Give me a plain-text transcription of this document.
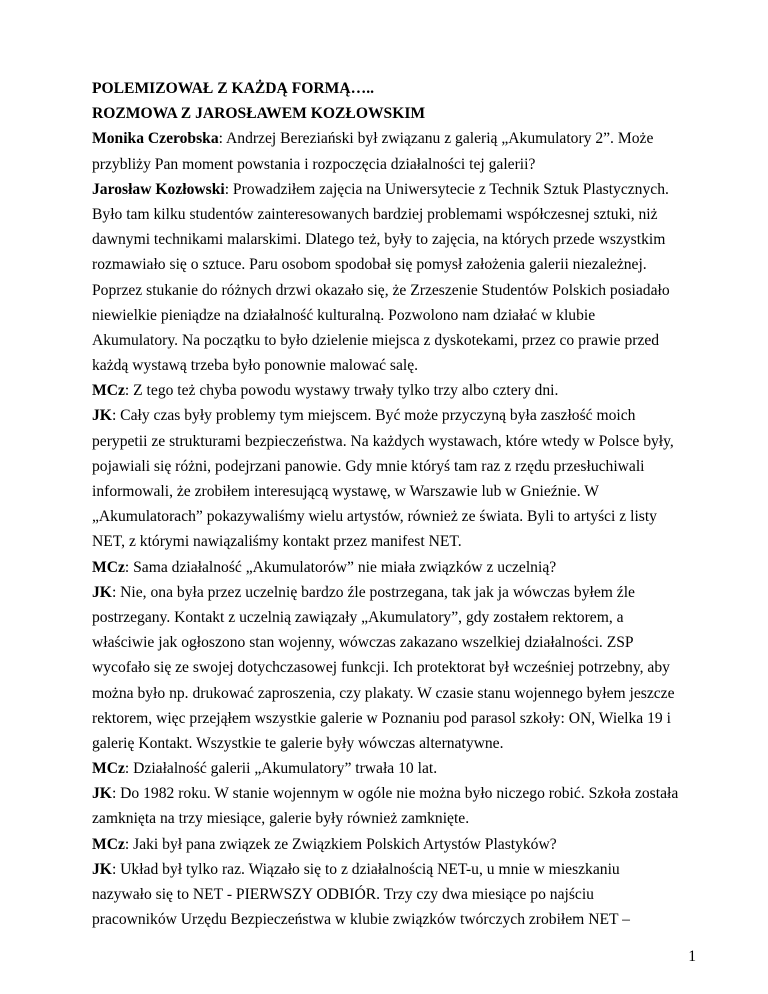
POLEMIZOWAŁ Z KAŻDĄ FORMĄ…..
ROZMOWA Z JAROSŁAWEM KOZŁOWSKIM
Monika Czerobska: Andrzej Bereziański był związanu z galerią „Akumulatory 2”. Może
przybliży Pan moment powstania i rozpoczęcia działalności tej galerii?
Jarosław Kozłowski: Prowadziłem zajęcia na Uniwersytecie z Technik Sztuk Plastycznych.
Było tam kilku studentów zainteresowanych bardziej problemami współczesnej sztuki, niż
dawnymi technikami malarskimi. Dlatego też, były to zajęcia, na których przede wszystkim
rozmawiało się o sztuce. Paru osobom spodobał się pomysł założenia galerii niezależnej.
Poprzez stukanie do różnych drzwi okazało się, że Zrzeszenie Studentów Polskich posiadało
niewielkie pieniądze na działalność kulturalną. Pozwolono nam działać w klubie
Akumulatory. Na początku to było dzielenie miejsca z dyskotekami, przez co prawie przed
każdą wystawą trzeba było ponownie malować salę.
MCz: Z tego też chyba powodu wystawy trwały tylko trzy albo cztery dni.
JK: Cały czas były problemy tym miejscem. Być może przyczyną była zaszłość moich
perypetii ze strukturami bezpieczeństwa. Na każdych wystawach, które wtedy w Polsce były,
pojawiali się różni, podejrzani panowie. Gdy mnie któryś tam raz z rzędu przesłuchiwali
informowali, że zrobiłem interesującą wystawę, w Warszawie lub w Gnieźnie. W
„Akumulatorach” pokazywaliśmy wielu artystów, również ze świata. Byli to artyści z listy
NET, z którymi nawiązaliśmy kontakt przez manifest NET.
MCz: Sama działalność „Akumulatorów” nie miała związków z uczelnią?
JK: Nie, ona była przez uczelnię bardzo źle postrzegana, tak jak ja wówczas byłem źle
postrzegany. Kontakt z uczelnią zawiązały „Akumulatory”, gdy zostałem rektorem, a
właściwie jak ogłoszono stan wojenny, wówczas zakazano wszelkiej działalności. ZSP
wycofało się ze swojej dotychczasowej funkcji. Ich protektorat był wcześniej potrzebny, aby
można było np. drukować zaproszenia, czy plakaty. W czasie stanu wojennego byłem jeszcze
rektorem, więc przejąłem wszystkie galerie w Poznaniu pod parasol szkoły: ON, Wielka 19 i
galerię Kontakt. Wszystkie te galerie były wówczas alternatywne.
MCz: Działalność galerii „Akumulatory” trwała 10 lat.
JK: Do 1982 roku. W stanie wojennym w ogóle nie można było niczego robić. Szkoła została
zamknięta na trzy miesiące, galerie były również zamknięte.
MCz: Jaki był pana związek ze Związkiem Polskich Artystów Plastyków?
JK: Układ był tylko raz. Wiązało się to z działalnością NET-u, u mnie w mieszkaniu
nazywało się to NET - PIERWSZY ODBIÓR. Trzy czy dwa miesiące po najściu
pracowników Urzędu Bezpieczeństwa w klubie związków twórczych zrobiłem NET –
1
